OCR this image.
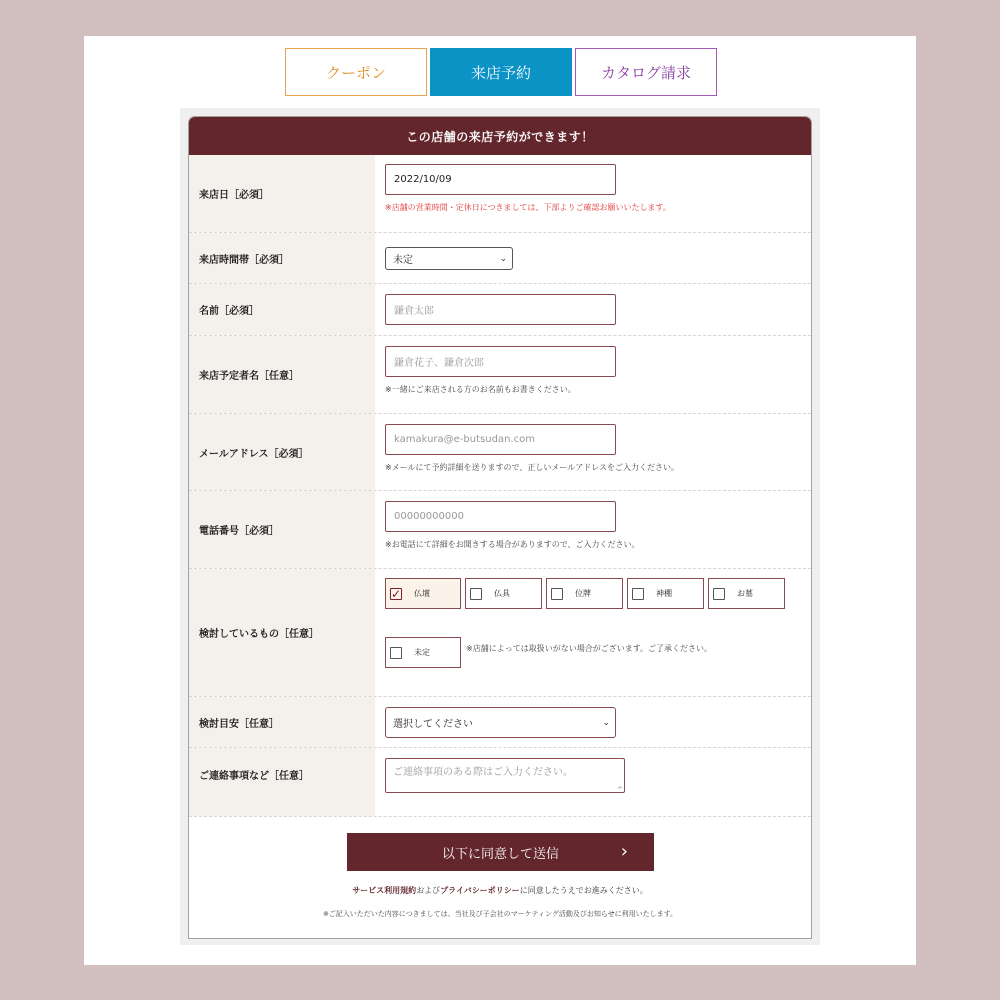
クーポン	来店予約	カタログ請求
この店舗の来店予約ができます！
来店日［必須］
2022/10/09
※店舗の営業時間・定休日につきましては、下部よりご確認お願いいたします。
来店時間帯［必須］	未定	⌄
名前［必須］	鎌倉太郎
来店予定者名［任意］
鎌倉花子、鎌倉次郎
※一緒にご来店される方のお名前もお書きください。
メールアドレス［必須］
kamakura@e-butsudan.com
※メールにて予約詳細を送りますので、正しいメールアドレスをご入力ください。
電話番号［必須］
00000000000
※お電話にて詳細をお聞きする場合がありますので、ご入力ください。
検討しているもの［任意］
✓ 仏壇	仏具	位牌	神棚	お墓
未定	※店舗によっては取扱いがない場合がございます。ご了承ください。
検討目安［任意］	選択してください	⌄
ご連絡事項など［任意］	ご連絡事項のある際はご入力ください。
∸
以下に同意して送信	›
サービス利用規約およびプライバシーポリシーに同意したうえでお進みください。
※ご記入いただいた内容につきましては、当社及び子会社のマーケティング活動及びお知らせに利用いたします。
